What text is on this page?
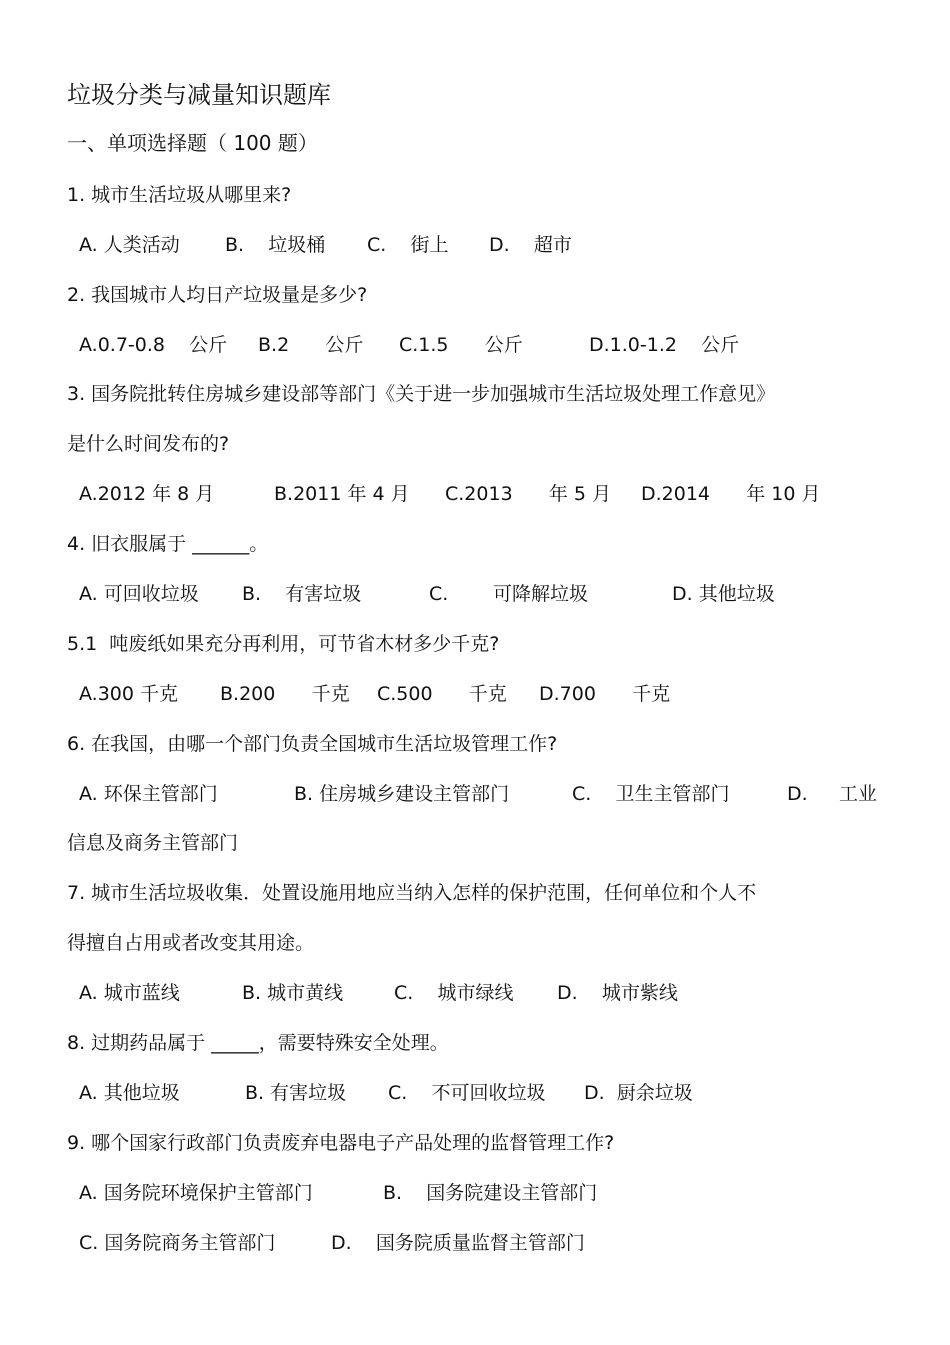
垃圾分类与减量知识题库
一、单项选择题（ 100 题）
1. 城市生活垃圾从哪里来?

A. 人类活动

B.    垃圾桶

C.    街上

D.    超市

2. 我国城市人均日产垃圾量是多少?

A.0.7-0.8    公斤

B.2      公斤

C.1.5      公斤

	D.1.0-1.2    公斤

3. 国务院批转住房城乡建设部等部门《关于进一步加强城市生活垃圾处理工作意见》
是什么时间发布的?

A.2012 年 8 月

	B.2011 年 4 月

C.2013      年 5 月

D.2014      年 10 月

4. 旧衣服属于 ______。

A. 可回收垃圾

B.    有害垃圾

	C.

可降解垃圾

	D. 其他垃圾

5.1  吨废纸如果充分再利用，可节省木材多少千克?

A.300 千克

B.200      千克

C.500      千克

D.700      千克

6. 在我国，由哪一个部门负责全国城市生活垃圾管理工作?

A. 环保主管部门

	B. 住房城乡建设主管部门

	C.    卫生主管部门

	D.

工业

信息及商务主管部门
7. 城市生活垃圾收集．处置设施用地应当纳入怎样的保护范围，任何单位和个人不
得擅自占用或者改变其用途。

A. 城市蓝线

	B. 城市黄线

	C.    城市绿线

D.    城市紫线

8. 过期药品属于 _____，需要特殊安全处理。

A. 其他垃圾

	B. 有害垃圾

C.    不可回收垃圾

D.  厨余垃圾

9. 哪个国家行政部门负责废弃电器电子产品处理的监督管理工作?

A. 国务院环境保护主管部门

	B.    国务院建设主管部门

C. 国务院商务主管部门

	D.    国务院质量监督主管部门
